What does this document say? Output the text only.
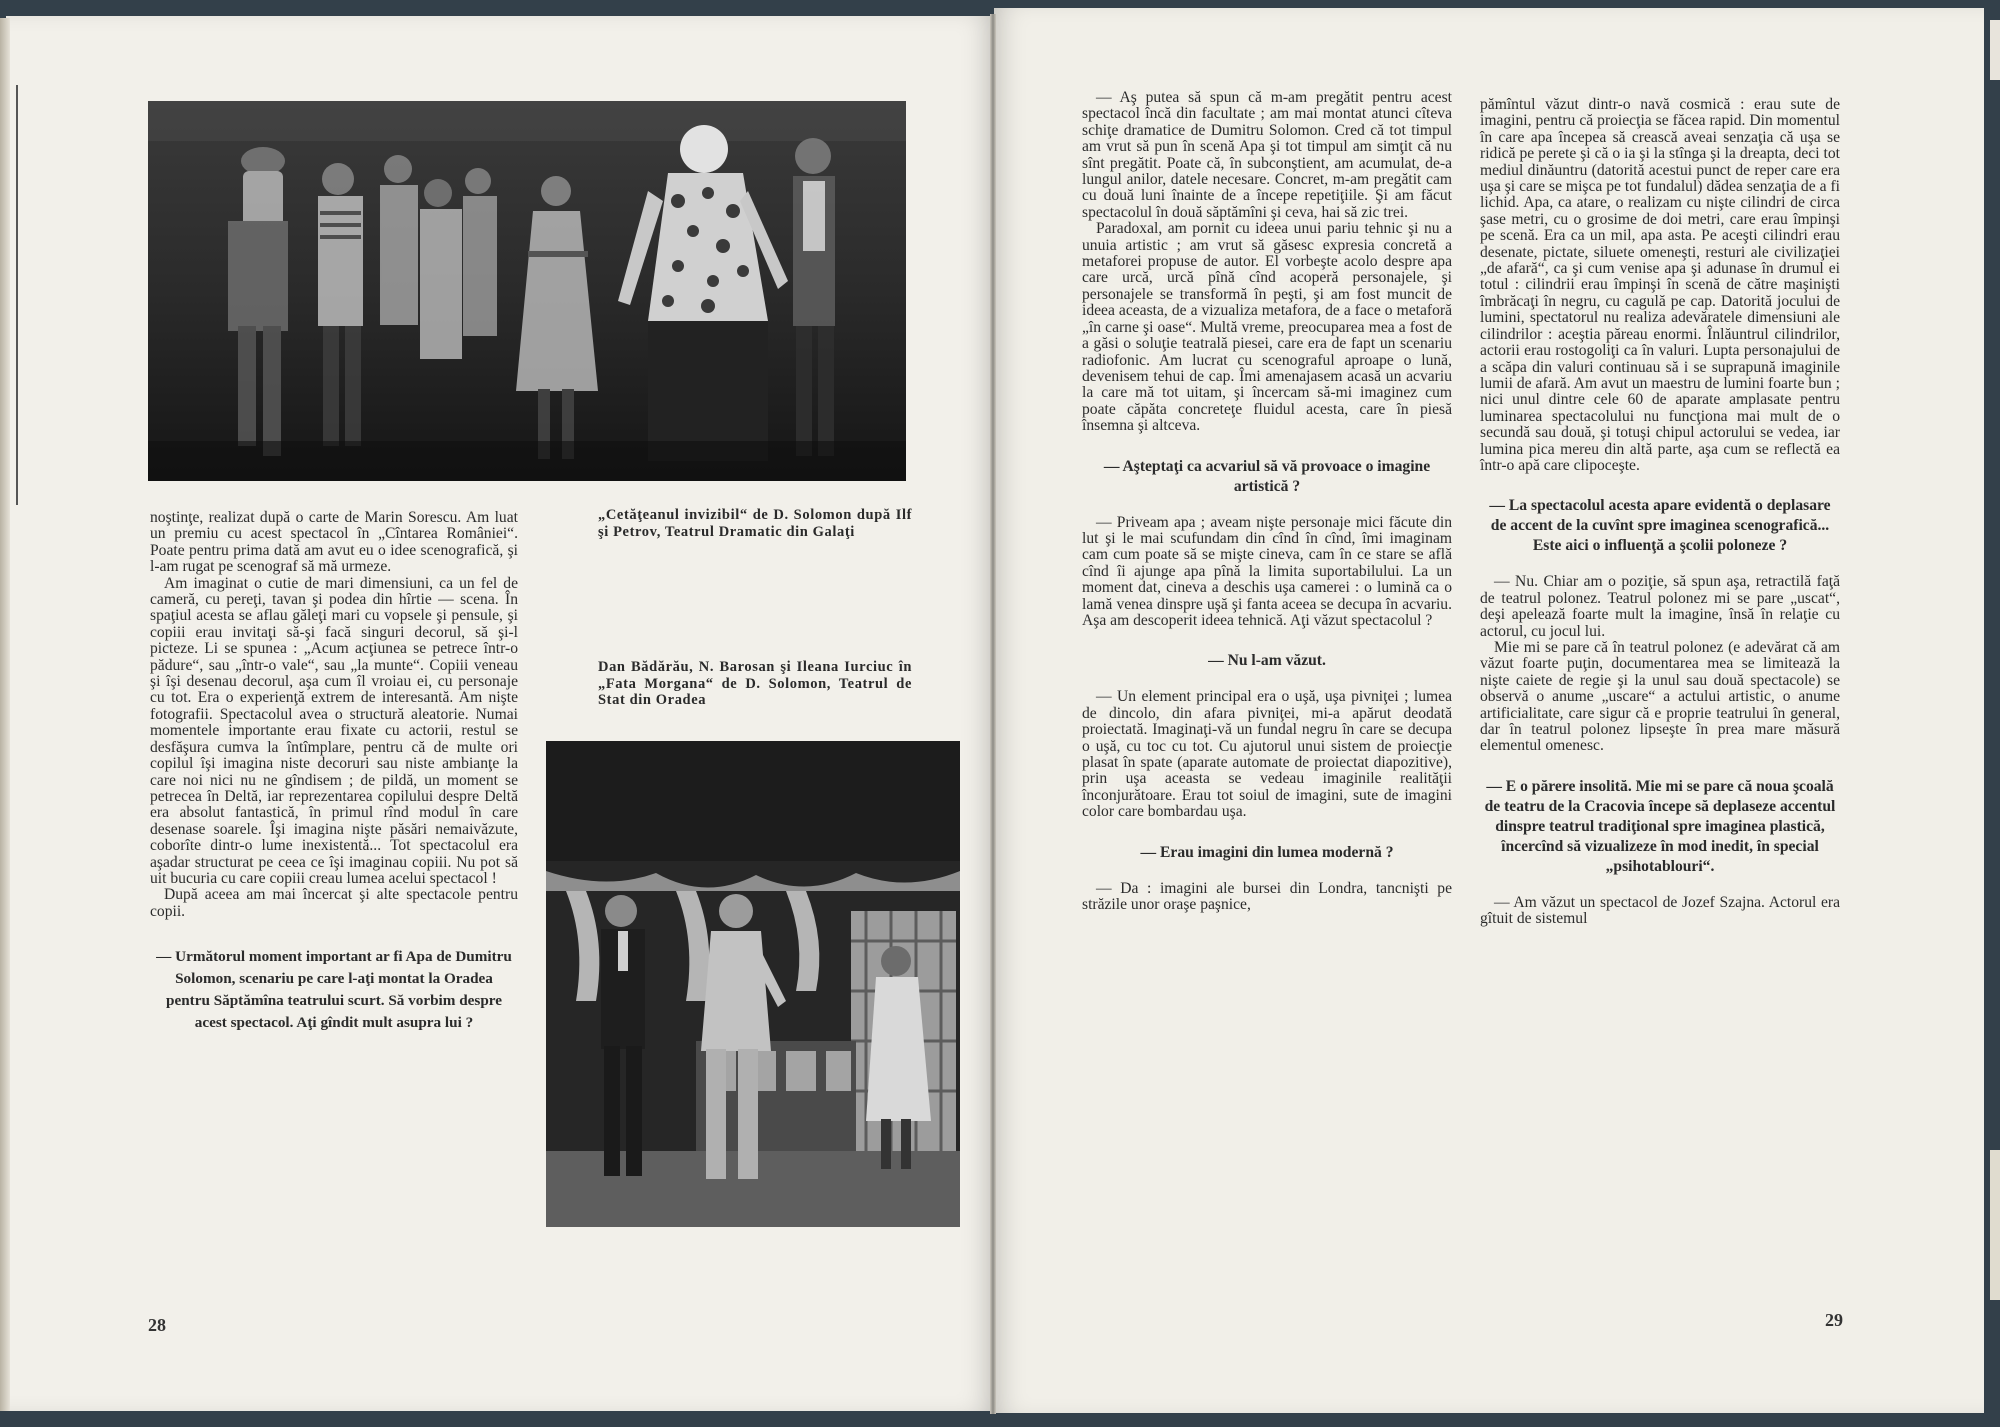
„Cetăţeanul invizibil“ de D. Solomon după Ilf şi Petrov, Teatrul Dramatic din Galaţi
Dan Bădărău, N. Barosan şi Ileana Iurciuc în „Fata Morgana“ de D. Solomon, Teatrul de Stat din Oradea

noştinţe, realizat după o carte de Marin Sorescu. Am luat un premiu cu acest spectacol în „Cîntarea României“. Poate pentru prima dată am avut eu o idee scenografică, şi l-am rugat pe scenograf să mă urmeze.

Am imaginat o cutie de mari dimensiuni, ca un fel de cameră, cu pereţi, tavan şi podea din hîrtie — scena. În spaţiul acesta se aflau găleţi mari cu vopsele şi pensule, şi copiii erau invitaţi să-şi facă singuri decorul, să şi-l picteze. Li se spunea : „Acum acţiunea se petrece într-o pădure“, sau „într-o vale“, sau „la munte“. Copiii veneau şi îşi desenau decorul, aşa cum îl vroiau ei, cu personaje cu tot. Era o experienţă extrem de interesantă. Am nişte fotografii. Spectacolul avea o structură aleatorie. Numai momentele importante erau fixate cu actorii, restul se desfăşura cumva la întîmplare, pentru că de multe ori copilul îşi imagina niste decoruri sau niste ambianţe la care noi nici nu ne gîndisem ; de pildă, un moment se petrecea în Deltă, iar reprezentarea copilului despre Deltă era absolut fantastică, în primul rînd modul în care desenase soarele. Îşi imagina nişte păsări nemaivăzute, coborîte dintr-o lume inexistentă... Tot spectacolul era aşadar structurat pe ceea ce îşi imaginau copiii. Nu pot să uit bucuria cu care copiii creau lumea acelui spectacol !

După aceea am mai încercat şi alte spectacole pentru copii.

— Următorul moment important ar fi Apa de Dumitru Solomon, scenariu pe care l-aţi montat la Oradea pentru Săptămîna teatrului scurt. Să vorbim despre acest spectacol. Aţi gîndit mult asupra lui ?

28

— Aş putea să spun că m-am pregătit pentru acest spectacol încă din facultate ; am mai montat atunci cîteva schiţe dramatice de Dumitru Solomon. Cred că tot timpul am vrut să pun în scenă Apa şi tot timpul am simţit că nu sînt pregătit. Poate că, în subconştient, am acumulat, de-a lungul anilor, datele necesare. Concret, m-am pregătit cam cu două luni înainte de a începe repetiţiile. Şi am făcut spectacolul în două săptămîni şi ceva, hai să zic trei.

Paradoxal, am pornit cu ideea unui pariu tehnic şi nu a unuia artistic ; am vrut să găsesc expresia concretă a metaforei propuse de autor. El vorbeşte acolo despre apa care urcă, urcă pînă cînd acoperă personajele, şi personajele se transformă în peşti, şi am fost muncit de ideea aceasta, de a vizualiza metafora, de a face o metaforă „în carne şi oase“. Multă vreme, preocuparea mea a fost de a găsi o soluţie teatrală piesei, care era de fapt un scenariu radiofonic. Am lucrat cu scenograful aproape o lună, devenisem tehui de cap. Îmi amenajasem acasă un acvariu la care mă tot uitam, şi încercam să-mi imaginez cum poate căpăta concreteţe fluidul acesta, care în piesă însemna şi altceva.

— Aşteptaţi ca acvariul să vă provoace o imagine artistică ?

— Priveam apa ; aveam nişte personaje mici făcute din lut şi le mai scufundam din cînd în cînd, îmi imaginam cam cum poate să se mişte cineva, cam în ce stare se află cînd îi ajunge apa pînă la limita suportabilului. La un moment dat, cineva a deschis uşa camerei : o lumină ca o lamă venea dinspre uşă şi fanta aceea se decupa în acvariu. Aşa am descoperit ideea tehnică. Aţi văzut spectacolul ?

— Nu l-am văzut.

— Un element principal era o uşă, uşa pivniţei ; lumea de dincolo, din afara pivniţei, mi-a apărut deodată proiectată. Imaginaţi-vă un fundal negru în care se decupa o uşă, cu toc cu tot. Cu ajutorul unui sistem de proiecţie plasat în spate (aparate automate de proiectat diapozitive), prin uşa aceasta se vedeau imaginile realităţii înconjurătoare. Erau tot soiul de imagini, sute de imagini color care bombardau uşa.

— Erau imagini din lumea modernă ?

— Da : imagini ale bursei din Londra, tancnişti pe străzile unor oraşe paşnice,

pămîntul văzut dintr-o navă cosmică : erau sute de imagini, pentru că proiecţia se făcea rapid. Din momentul în care apa începea să crească aveai senzaţia că uşa se ridică pe perete şi că o ia şi la stînga şi la dreapta, deci tot mediul dinăuntru (datorită acestui punct de reper care era uşa şi care se mişca pe tot fundalul) dădea senzaţia de a fi lichid. Apa, ca atare, o realizam cu nişte cilindri de circa şase metri, cu o grosime de doi metri, care erau împinşi pe scenă. Era ca un mil, apa asta. Pe aceşti cilindri erau desenate, pictate, siluete omeneşti, resturi ale civilizaţiei „de afară“, ca şi cum venise apa şi adunase în drumul ei totul : cilindrii erau împinşi în scenă de către maşinişti îmbrăcaţi în negru, cu cagulă pe cap. Datorită jocului de lumini, spectatorul nu realiza adevăratele dimensiuni ale cilindrilor : aceştia păreau enormi. Înlăuntrul cilindrilor, actorii erau rostogoliţi ca în valuri. Lupta personajului de a scăpa din valuri continuau să i se suprapună imaginile lumii de afară. Am avut un maestru de lumini foarte bun ; nici unul dintre cele 60 de aparate amplasate pentru luminarea spectacolului nu funcţiona mai mult de o secundă sau două, şi totuşi chipul actorului se vedea, iar lumina pica mereu din altă parte, aşa cum se reflectă ea într-o apă care clipoceşte.

— La spectacolul acesta apare evidentă o deplasare de accent de la cuvînt spre imaginea scenografică... Este aici o influenţă a şcolii poloneze ?

— Nu. Chiar am o poziţie, să spun aşa, retractilă faţă de teatrul polonez. Teatrul polonez mi se pare „uscat“, deşi apelează foarte mult la imagine, însă în relaţie cu actorul, cu jocul lui.

Mie mi se pare că în teatrul polonez (e adevărat că am văzut foarte puţin, documentarea mea se limitează la nişte caiete de regie şi la unul sau două spectacole) se observă o anume „uscare“ a actului artistic, o anume artificialitate, care sigur că e proprie teatrului în general, dar în teatrul polonez lipseşte în prea mare măsură elementul omenesc.

— E o părere insolită. Mie mi se pare că noua şcoală de teatru de la Cracovia începe să deplaseze accentul dinspre teatrul tradiţional spre imaginea plastică, încercînd să vizualizeze în mod inedit, în special „psihotablouri“.

— Am văzut un spectacol de Jozef Szajna. Actorul era gîtuit de sistemul

29
